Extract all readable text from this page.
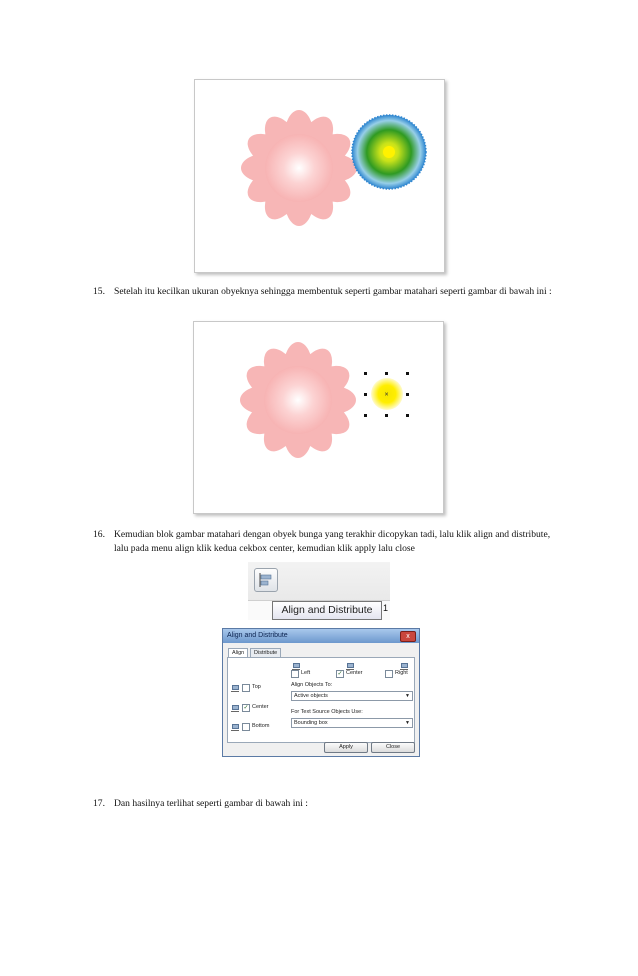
15. Setelah itu kecilkan ukuran obyeknya sehingga membentuk seperti gambar matahari seperti gambar di bawah ini :
×
16. Kemudian blok gambar matahari dengan obyek bunga yang terakhir dicopykan tadi, lalu klik align and distribute, lalu pada menu align klik kedua cekbox center, kemudian klik apply lalu close
1
Align and Distribute
Align and Distribute	x
Align	Distribute
Left	✓ Center	Right
Top
✓ Center
Bottom
Align Objects To:
Active objects	▼
For Text Source Objects Use:
Bounding box	▼
Apply	Close
17. Dan hasilnya terlihat seperti gambar di bawah ini :
